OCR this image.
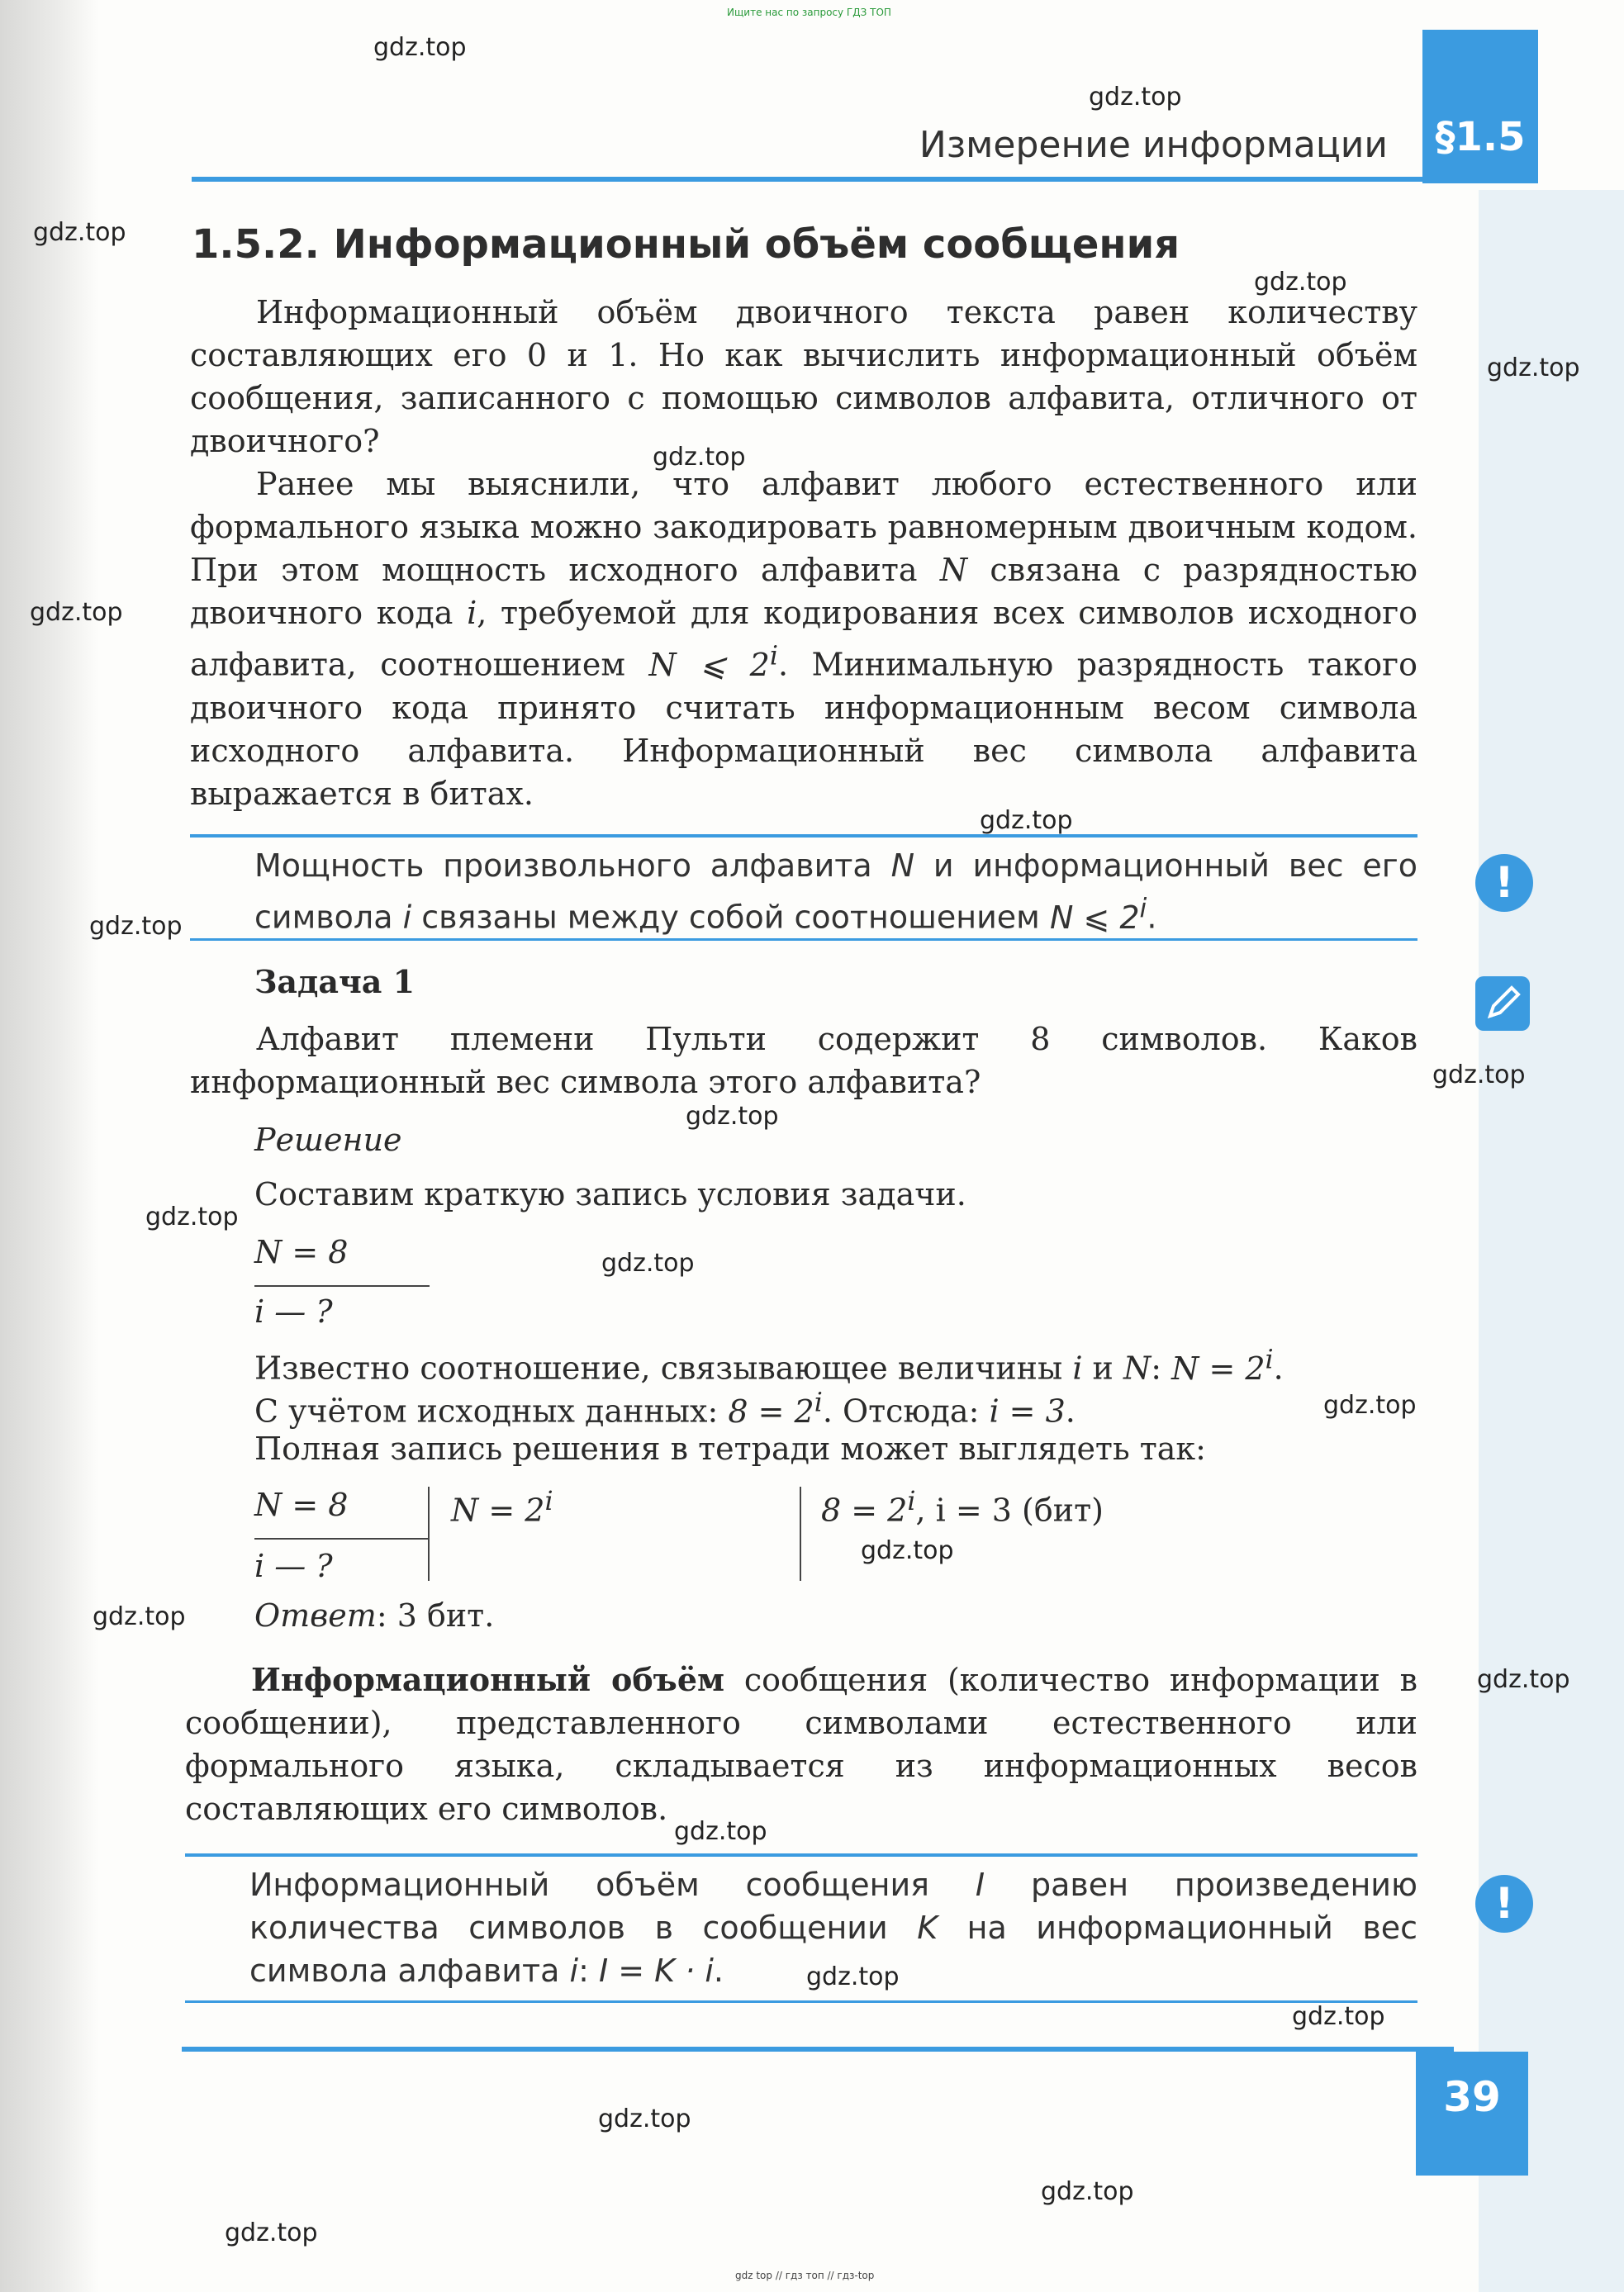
Ищите нас по запросу ГДЗ ТОП
§1.5
Измерение информации
1.5.2. Информационный объём сообщения
Информационный объём двоичного текста равен количеству составляющих его 0 и 1. Но как вычислить информационный объём сообщения, записанного с помощью символов алфавита, отличного от двоичного?
Ранее мы выяснили, что алфавит любого естественного или формального языка можно закодировать равномерным двоичным кодом. При этом мощность исходного алфавита N связана с разрядностью двоичного кода i, требуемой для кодирования всех символов исходного алфавита, соотношением N ⩽ 2$^i$. Минимальную разрядность такого двоичного кода принято считать информационным весом символа исходного алфавита. Информационный вес символа алфавита выражается в битах.
Мощность произвольного алфавита N и информационный вес его символа i связаны между собой соотношением N ⩽ 2$^i$.
!
Задача 1
Алфавит племени Пульти содержит 8 символов. Каков информационный вес символа этого алфавита?
Решение
Составим краткую запись условия задачи.
N = 8
i — ?
Известно соотношение, связывающее величины i и N: $N = 2^i$.
С учётом исходных данных: $8 = 2^i$. Отсюда: i = 3.
Полная запись решения в тетради может выглядеть так:
N = 8
i — ?
$N = 2^i$	$8 = 2^i$, i = 3 (бит)
Ответ: 3 бит.
Информационный объём сообщения (количество информации в сообщении), представленного символами естественного или формального языка, складывается из информационных весов составляющих его символов.
Информационный объём сообщения I равен произведению количества символов в сообщении K на информационный вес символа алфавита i: I = K · i.
!
39
gdz.top
gdz.top
gdz.top
gdz.top
gdz.top
gdz.top
gdz.top
gdz.top
gdz.top
gdz.top
gdz.top
gdz.top
gdz.top
gdz.top
gdz.top
gdz.top
gdz.top
gdz.top
gdz.top
gdz.top
gdz.top
gdz.top
gdz.top
gdz top // гдз топ // гдз-top
